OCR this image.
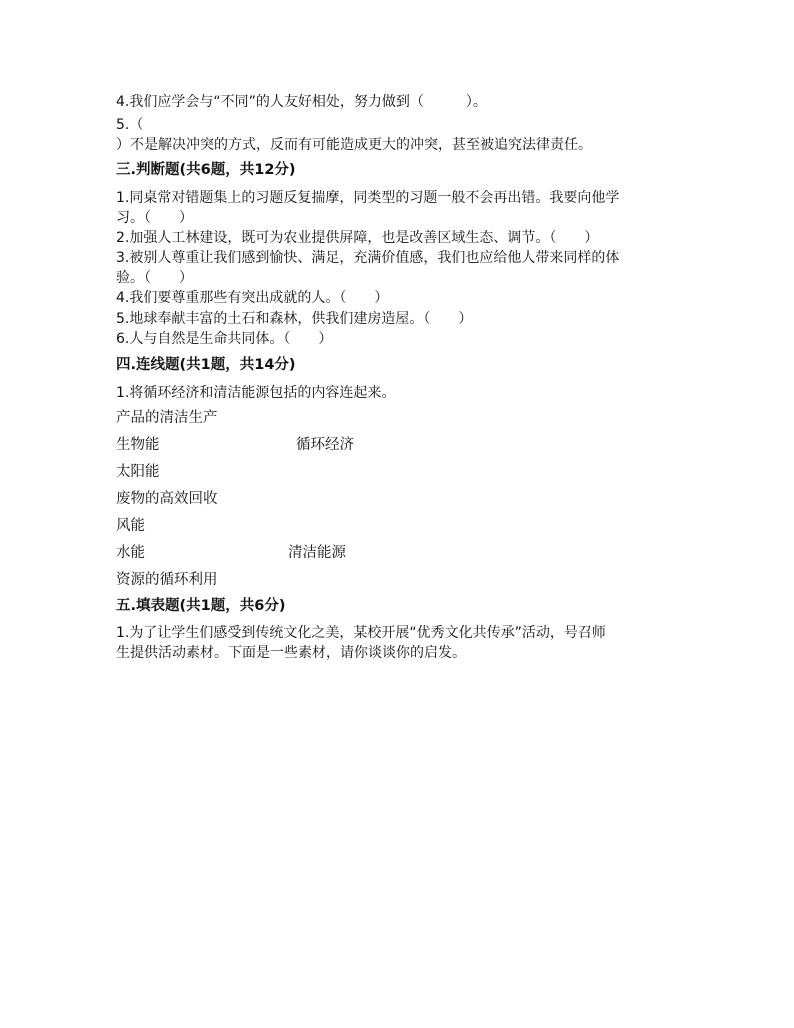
4.我们应学会与“不同”的人友好相处，努力做到（　　　）。
5.（
）不是解决冲突的方式，反而有可能造成更大的冲突，甚至被追究法律责任。
三.判断题(共6题，共12分)
1.同桌常对错题集上的习题反复揣摩，同类型的习题一般不会再出错。我要向他学
习。（　　）
2.加强人工林建设，既可为农业提供屏障，也是改善区域生态、调节。（　　）
3.被别人尊重让我们感到愉快、满足，充满价值感，我们也应给他人带来同样的体
验。（　　）
4.我们要尊重那些有突出成就的人。（　　）
5.地球奉献丰富的土石和森林，供我们建房造屋。（　　）
6.人与自然是生命共同体。（　　）
四.连线题(共1题，共14分)
1.将循环经济和清洁能源包括的内容连起来。
产品的清洁生产
生物能	循环经济
太阳能
废物的高效回收
风能
水能	清洁能源
资源的循环利用
五.填表题(共1题，共6分)
1.为了让学生们感受到传统文化之美，某校开展“优秀文化共传承”活动，号召师
生提供活动素材。下面是一些素材，请你谈谈你的启发。
